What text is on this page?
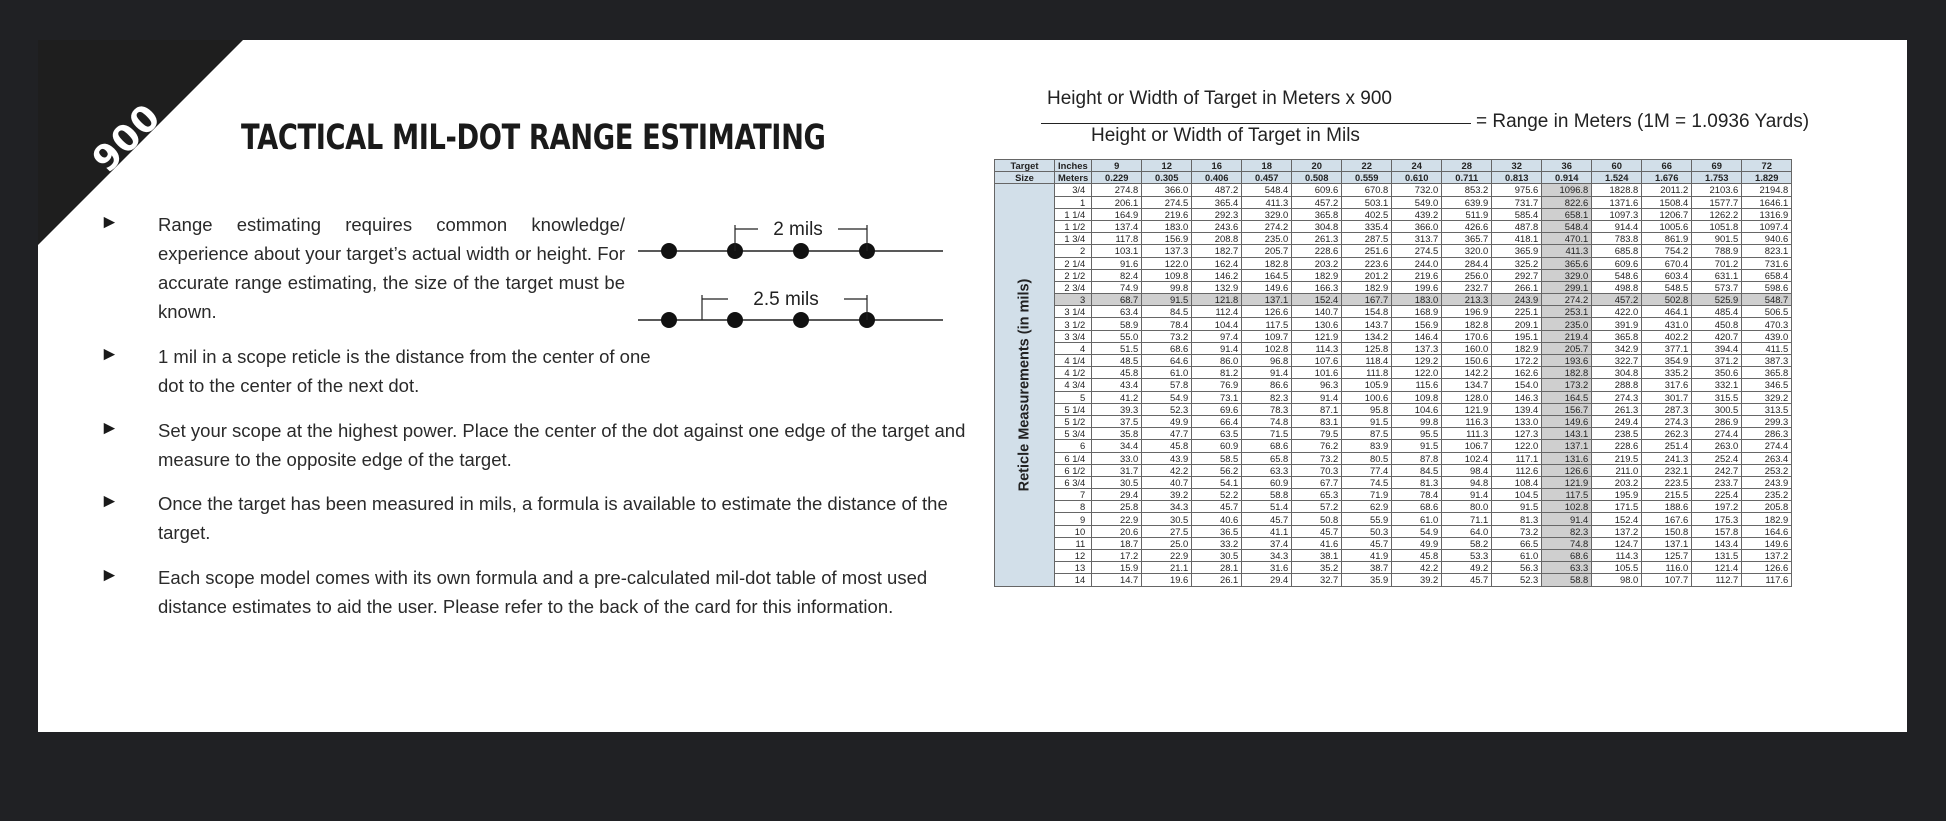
900 TACTICAL MIL-DOT RANGE ESTIMATING
► Range estimating requires common knowledge/ experience about your target’s actual width or height. For accurate range estimating, the size of the target must be known.
► 1 mil in a scope reticle is the distance from the center of one dot to the center of the next dot.
► Set your scope at the highest power. Place the center of the dot against one edge of the target and measure to the opposite edge of the target.
► Once the target has been measured in mils, a formula is available to estimate the distance of the target.
► Each scope model comes with its own formula and a pre-calculated mil-dot table of most used distance estimates to aid the user. Please refer to the back of the card for this information.
2 mils
2.5 mils
Height or Width of Target in Meters x 900
Height or Width of Target in Mils
= Range in Meters (1M = 1.0936 Yards)
Target	Inches	9	12	16	18	20	22	24	28	32	36	60	66	69	72
Size	Meters	0.229	0.305	0.406	0.457	0.508	0.559	0.610	0.711	0.813	0.914	1.524	1.676	1.753	1.829

Reticle Measurements (in mils)	3/4	274.8	366.0	487.2	548.4	609.6	670.8	732.0	853.2	975.6	1096.8	1828.8	2011.2	2103.6	2194.8
	1	206.1	274.5	365.4	411.3	457.2	503.1	549.0	639.9	731.7	822.6	1371.6	1508.4	1577.7	1646.1
	1 1/4	164.9	219.6	292.3	329.0	365.8	402.5	439.2	511.9	585.4	658.1	1097.3	1206.7	1262.2	1316.9
	1 1/2	137.4	183.0	243.6	274.2	304.8	335.4	366.0	426.6	487.8	548.4	914.4	1005.6	1051.8	1097.4
	1 3/4	117.8	156.9	208.8	235.0	261.3	287.5	313.7	365.7	418.1	470.1	783.8	861.9	901.5	940.6
	2	103.1	137.3	182.7	205.7	228.6	251.6	274.5	320.0	365.9	411.3	685.8	754.2	788.9	823.1
	2 1/4	91.6	122.0	162.4	182.8	203.2	223.6	244.0	284.4	325.2	365.6	609.6	670.4	701.2	731.6
	2 1/2	82.4	109.8	146.2	164.5	182.9	201.2	219.6	256.0	292.7	329.0	548.6	603.4	631.1	658.4
	2 3/4	74.9	99.8	132.9	149.6	166.3	182.9	199.6	232.7	266.1	299.1	498.8	548.5	573.7	598.6
	3	68.7	91.5	121.8	137.1	152.4	167.7	183.0	213.3	243.9	274.2	457.2	502.8	525.9	548.7
	3 1/4	63.4	84.5	112.4	126.6	140.7	154.8	168.9	196.9	225.1	253.1	422.0	464.1	485.4	506.5
	3 1/2	58.9	78.4	104.4	117.5	130.6	143.7	156.9	182.8	209.1	235.0	391.9	431.0	450.8	470.3
	3 3/4	55.0	73.2	97.4	109.7	121.9	134.2	146.4	170.6	195.1	219.4	365.8	402.2	420.7	439.0
	4	51.5	68.6	91.4	102.8	114.3	125.8	137.3	160.0	182.9	205.7	342.9	377.1	394.4	411.5
	4 1/4	48.5	64.6	86.0	96.8	107.6	118.4	129.2	150.6	172.2	193.6	322.7	354.9	371.2	387.3
	4 1/2	45.8	61.0	81.2	91.4	101.6	111.8	122.0	142.2	162.6	182.8	304.8	335.2	350.6	365.8
	4 3/4	43.4	57.8	76.9	86.6	96.3	105.9	115.6	134.7	154.0	173.2	288.8	317.6	332.1	346.5
	5	41.2	54.9	73.1	82.3	91.4	100.6	109.8	128.0	146.3	164.5	274.3	301.7	315.5	329.2
	5 1/4	39.3	52.3	69.6	78.3	87.1	95.8	104.6	121.9	139.4	156.7	261.3	287.3	300.5	313.5
	5 1/2	37.5	49.9	66.4	74.8	83.1	91.5	99.8	116.3	133.0	149.6	249.4	274.3	286.9	299.3
	5 3/4	35.8	47.7	63.5	71.5	79.5	87.5	95.5	111.3	127.3	143.1	238.5	262.3	274.4	286.3
	6	34.4	45.8	60.9	68.6	76.2	83.9	91.5	106.7	122.0	137.1	228.6	251.4	263.0	274.4
	6 1/4	33.0	43.9	58.5	65.8	73.2	80.5	87.8	102.4	117.1	131.6	219.5	241.3	252.4	263.4
	6 1/2	31.7	42.2	56.2	63.3	70.3	77.4	84.5	98.4	112.6	126.6	211.0	232.1	242.7	253.2
	6 3/4	30.5	40.7	54.1	60.9	67.7	74.5	81.3	94.8	108.4	121.9	203.2	223.5	233.7	243.9
	7	29.4	39.2	52.2	58.8	65.3	71.9	78.4	91.4	104.5	117.5	195.9	215.5	225.4	235.2
	8	25.8	34.3	45.7	51.4	57.2	62.9	68.6	80.0	91.5	102.8	171.5	188.6	197.2	205.8
	9	22.9	30.5	40.6	45.7	50.8	55.9	61.0	71.1	81.3	91.4	152.4	167.6	175.3	182.9
	10	20.6	27.5	36.5	41.1	45.7	50.3	54.9	64.0	73.2	82.3	137.2	150.8	157.8	164.6
	11	18.7	25.0	33.2	37.4	41.6	45.7	49.9	58.2	66.5	74.8	124.7	137.1	143.4	149.6
	12	17.2	22.9	30.5	34.3	38.1	41.9	45.8	53.3	61.0	68.6	114.3	125.7	131.5	137.2
	13	15.9	21.1	28.1	31.6	35.2	38.7	42.2	49.2	56.3	63.3	105.5	116.0	121.4	126.6
	14	14.7	19.6	26.1	29.4	32.7	35.9	39.2	45.7	52.3	58.8	98.0	107.7	112.7	117.6
